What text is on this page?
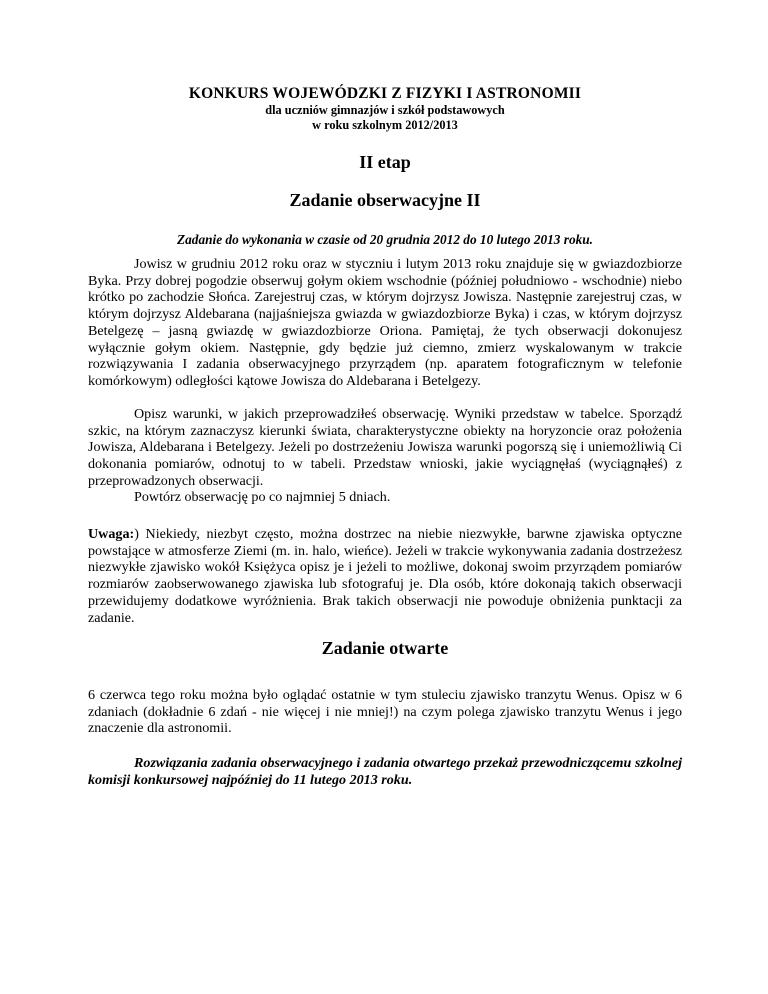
KONKURS WOJEWÓDZKI Z FIZYKI I ASTRONOMII

dla uczniów gimnazjów i szkół podstawowych

w roku szkolnym 2012/2013

II etap

Zadanie obserwacyjne II

Zadanie do wykonania w czasie od 20 grudnia 2012 do 10 lutego 2013 roku.

Jowisz w grudniu 2012 roku oraz w styczniu i lutym 2013 roku znajduje się w gwiazdozbiorze Byka. Przy dobrej pogodzie obserwuj gołym okiem wschodnie (później południowo - wschodnie) niebo krótko po zachodzie Słońca. Zarejestruj czas, w którym dojrzysz Jowisza. Następnie zarejestruj czas, w którym dojrzysz Aldebarana (najjaśniejsza gwiazda w gwiazdozbiorze Byka) i czas, w którym dojrzysz Betelgezę – jasną gwiazdę w gwiazdozbiorze Oriona. Pamiętaj, że tych obserwacji dokonujesz wyłącznie gołym okiem. Następnie, gdy będzie już ciemno, zmierz wyskalowanym w trakcie rozwiązywania I zadania obserwacyjnego przyrządem (np. aparatem fotograficznym w telefonie komórkowym) odległości kątowe Jowisza do Aldebarana i Betelgezy.

Opisz warunki, w jakich przeprowadziłeś obserwację. Wyniki przedstaw w tabelce. Sporządź szkic, na którym zaznaczysz kierunki świata, charakterystyczne obiekty na horyzoncie oraz położenia Jowisza, Aldebarana i Betelgezy. Jeżeli po dostrzeżeniu Jowisza warunki pogorszą się i uniemożliwią Ci dokonania pomiarów, odnotuj to w tabeli. Przedstaw wnioski, jakie wyciągnęłaś (wyciągnąłeś) z przeprowadzonych obserwacji.

Powtórz obserwację po co najmniej 5 dniach.

Uwaga:) Niekiedy, niezbyt często, można dostrzec na niebie niezwykłe, barwne zjawiska optyczne powstające w atmosferze Ziemi (m. in. halo, wieńce). Jeżeli w trakcie wykonywania zadania dostrzeżesz niezwykłe zjawisko wokół Księżyca opisz je i jeżeli to możliwe, dokonaj swoim przyrządem pomiarów rozmiarów zaobserwowanego zjawiska lub sfotografuj je. Dla osób, które dokonają takich obserwacji przewidujemy dodatkowe wyróżnienia. Brak takich obserwacji nie powoduje obniżenia punktacji za zadanie.

Zadanie otwarte

6 czerwca tego roku można było oglądać ostatnie w tym stuleciu zjawisko tranzytu Wenus. Opisz w 6 zdaniach (dokładnie 6 zdań - nie więcej i nie mniej!) na czym polega zjawisko tranzytu Wenus i jego znaczenie dla astronomii.

Rozwiązania zadania obserwacyjnego i zadania otwartego przekaż przewodniczącemu szkolnej komisji konkursowej najpóźniej do 11 lutego 2013 roku.
